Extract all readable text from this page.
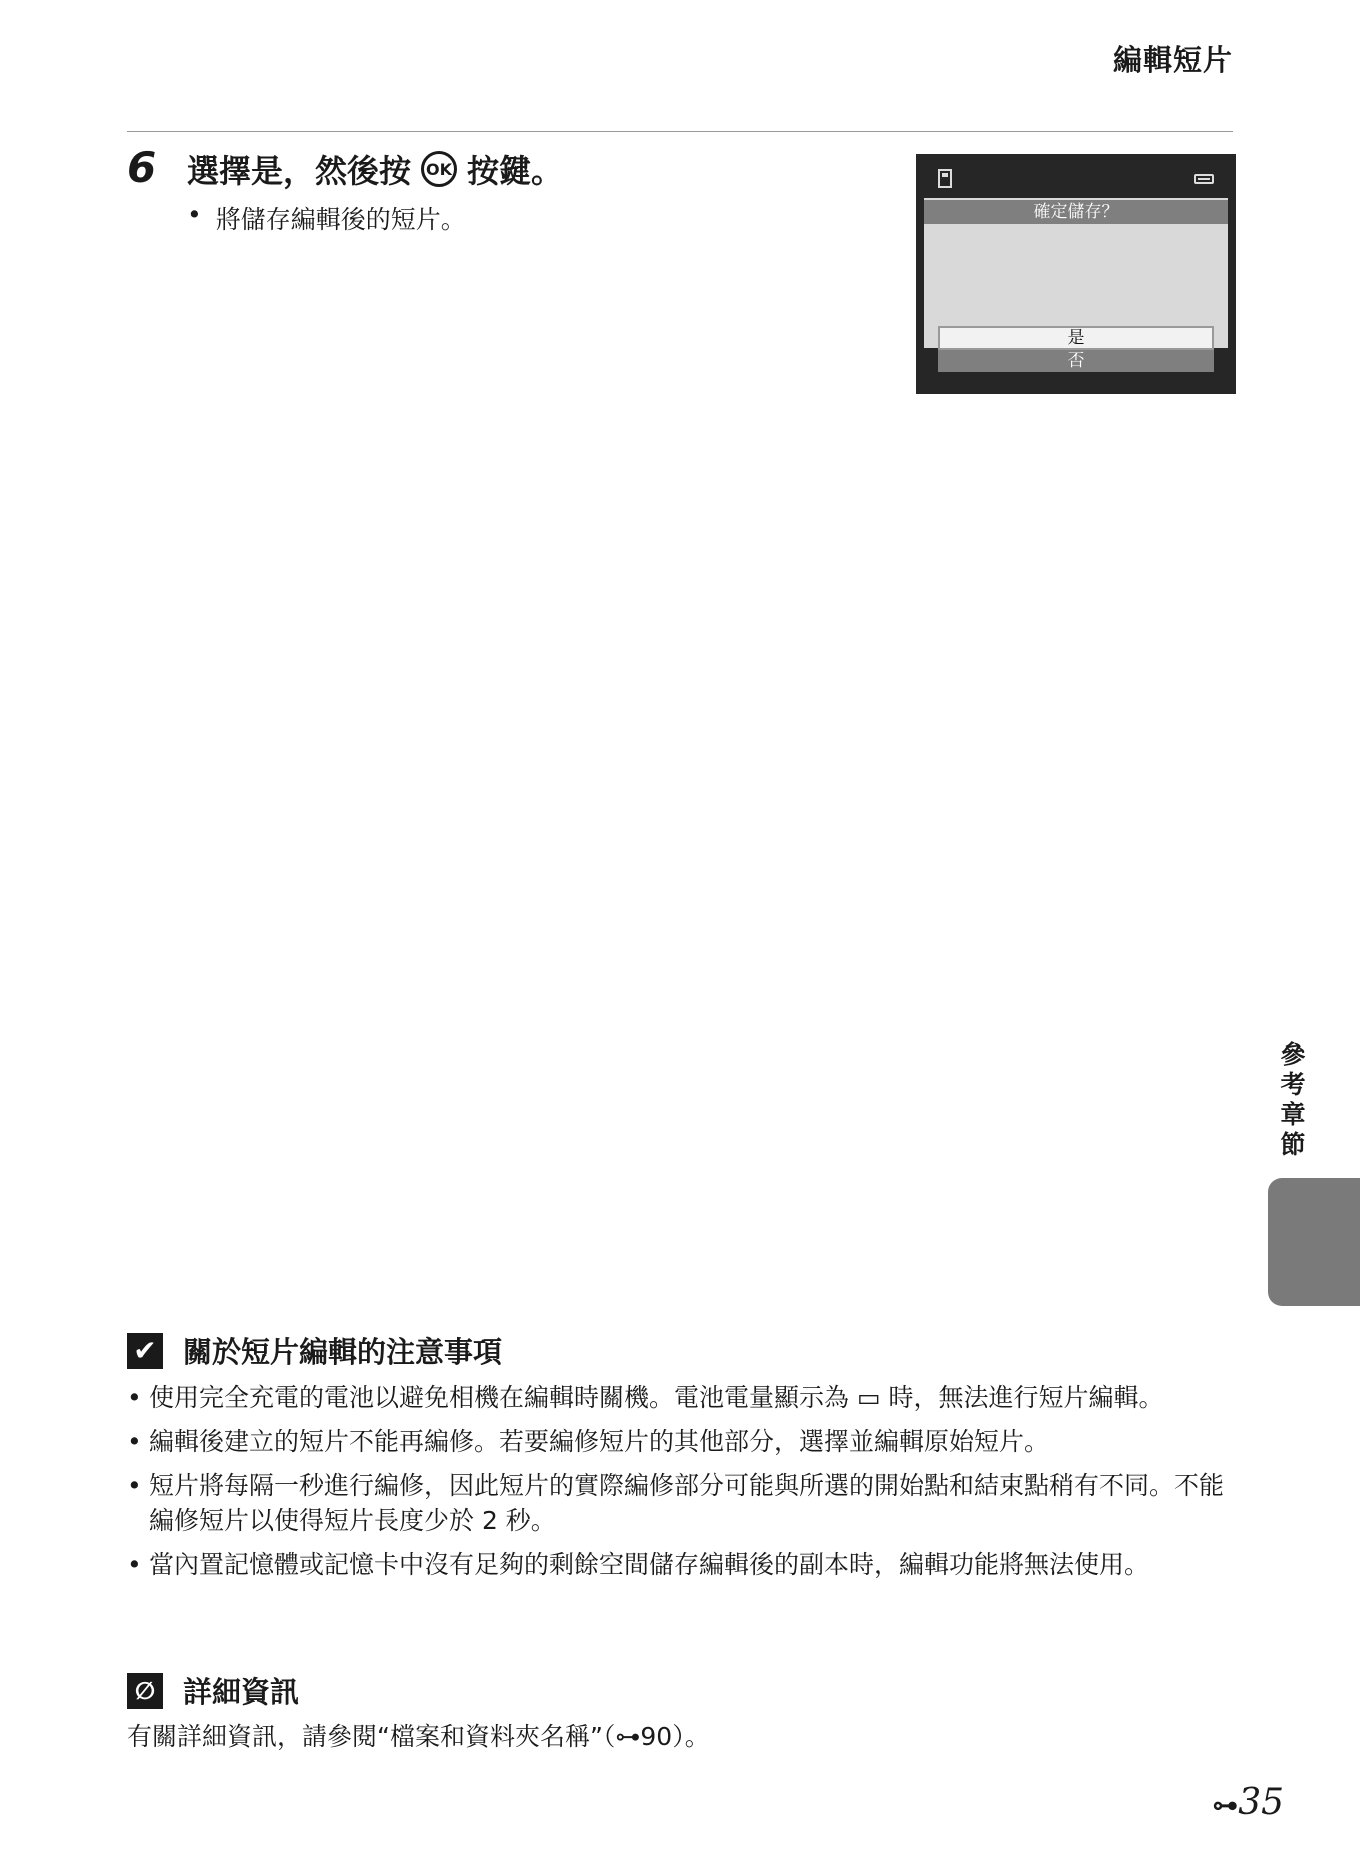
編輯短片
6 選擇是，然後按 OK 按鍵。
• 將儲存編輯後的短片。	確定儲存？
是
否
參考章節
✔ 關於短片編輯的注意事項
• 使用完全充電的電池以避免相機在編輯時關機。電池電量顯示為 ▭ 時，無法進行短片編輯。
• 編輯後建立的短片不能再編修。若要編修短片的其他部分，選擇並編輯原始短片。
• 短片將每隔一秒進行編修，因此短片的實際編修部分可能與所選的開始點和結束點稍有不同。不能編修短片以使得短片長度少於 2 秒。
• 當內置記憶體或記憶卡中沒有足夠的剩餘空間儲存編輯後的副本時，編輯功能將無法使用。
∅ 詳細資訊
有關詳細資訊，請參閱“檔案和資料夾名稱”（⊶90）。
⊶35
